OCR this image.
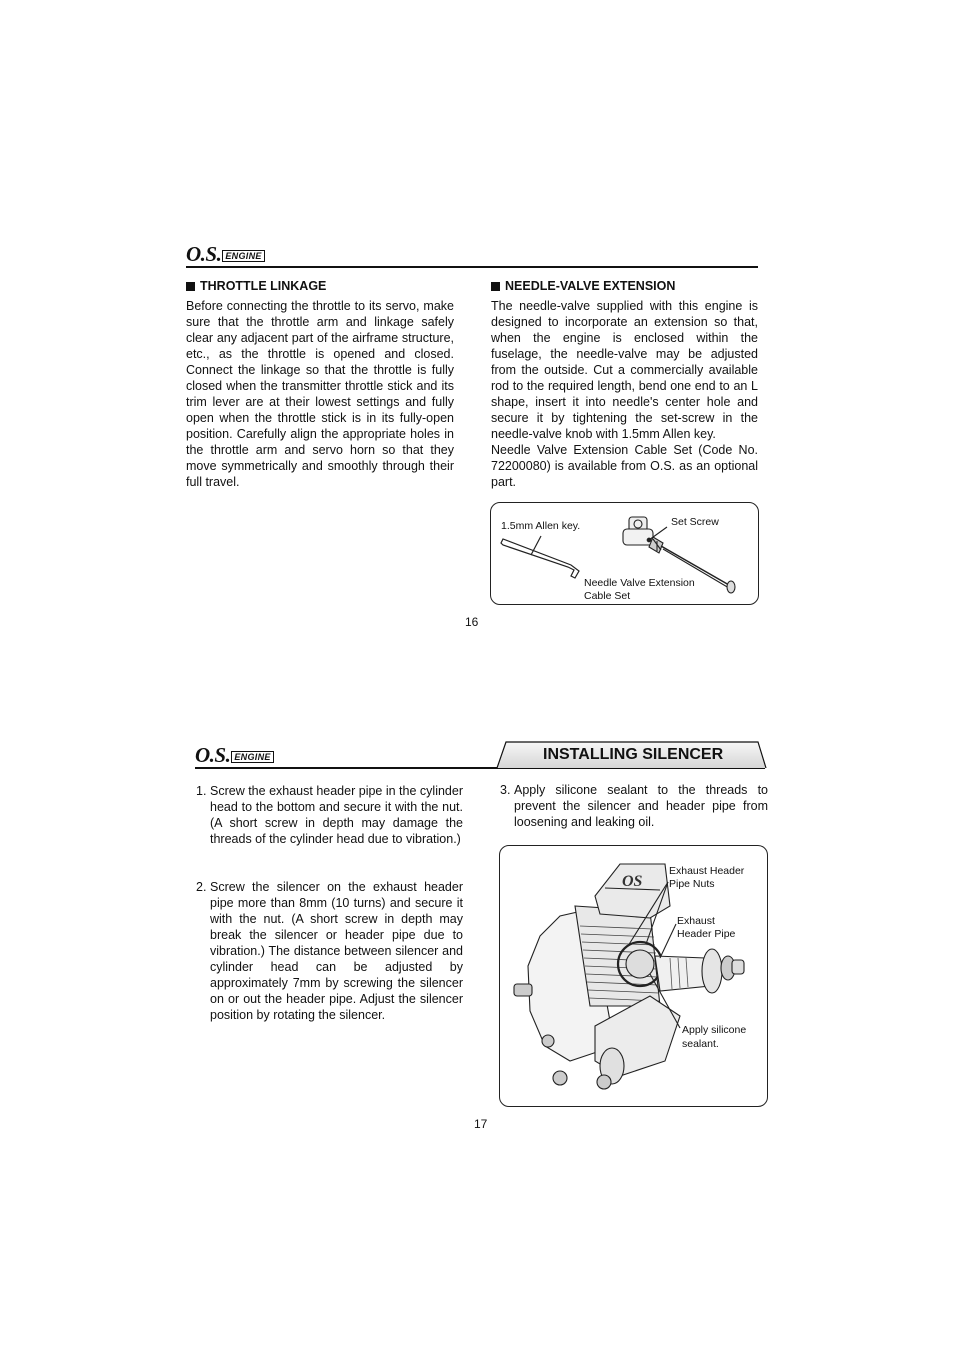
O.S. ENGINE
THROTTLE LINKAGE
Before connecting the throttle to its servo, make sure that the throttle arm and linkage safely clear any adjacent part of the airframe structure, etc., as the throttle is opened and closed. Connect the linkage so that the throttle is fully closed when the transmitter throttle stick and its trim lever are at their lowest settings and fully open when the throttle stick is in its fully-open position. Carefully align the appropriate holes in the throttle arm and servo horn so that they move symmetrically and smoothly through their full travel.
NEEDLE-VALVE EXTENSION
The needle-valve supplied with this engine is designed to incorporate an extension so that, when the engine is enclosed within the fuselage, the needle-valve may be adjusted from the outside. Cut a commercially available rod to the required length, bend one end to an L shape, insert it into needle's center hole and secure it by tightening the set-screw in the needle-valve knob with 1.5mm Allen key.
Needle Valve Extension Cable Set (Code No. 72200080) is available from O.S. as an optional part.
1.5mm Allen key.	Set Screw
Needle Valve Extension
Cable Set
16
O.S. ENGINE	INSTALLING SILENCER
1. Screw the exhaust header pipe in the cylinder head to the bottom and secure it with the nut. (A short screw in depth may damage the threads of the cylinder head due to vibration.)
2. Screw the silencer on the exhaust header pipe more than 8mm (10 turns) and secure it with the nut. (A short screw in depth may break the silencer or header pipe due to vibration.) The distance between silencer and cylinder head can be adjusted by approximately 7mm by screwing the silencer on or out the header pipe. Adjust the silencer position by rotating the silencer.
3. Apply silicone sealant to the threads to prevent the silencer and header pipe from loosening and leaking oil.
OS
Exhaust Header
Pipe Nuts
Exhaust
Header Pipe
Apply silicone
sealant.
17
